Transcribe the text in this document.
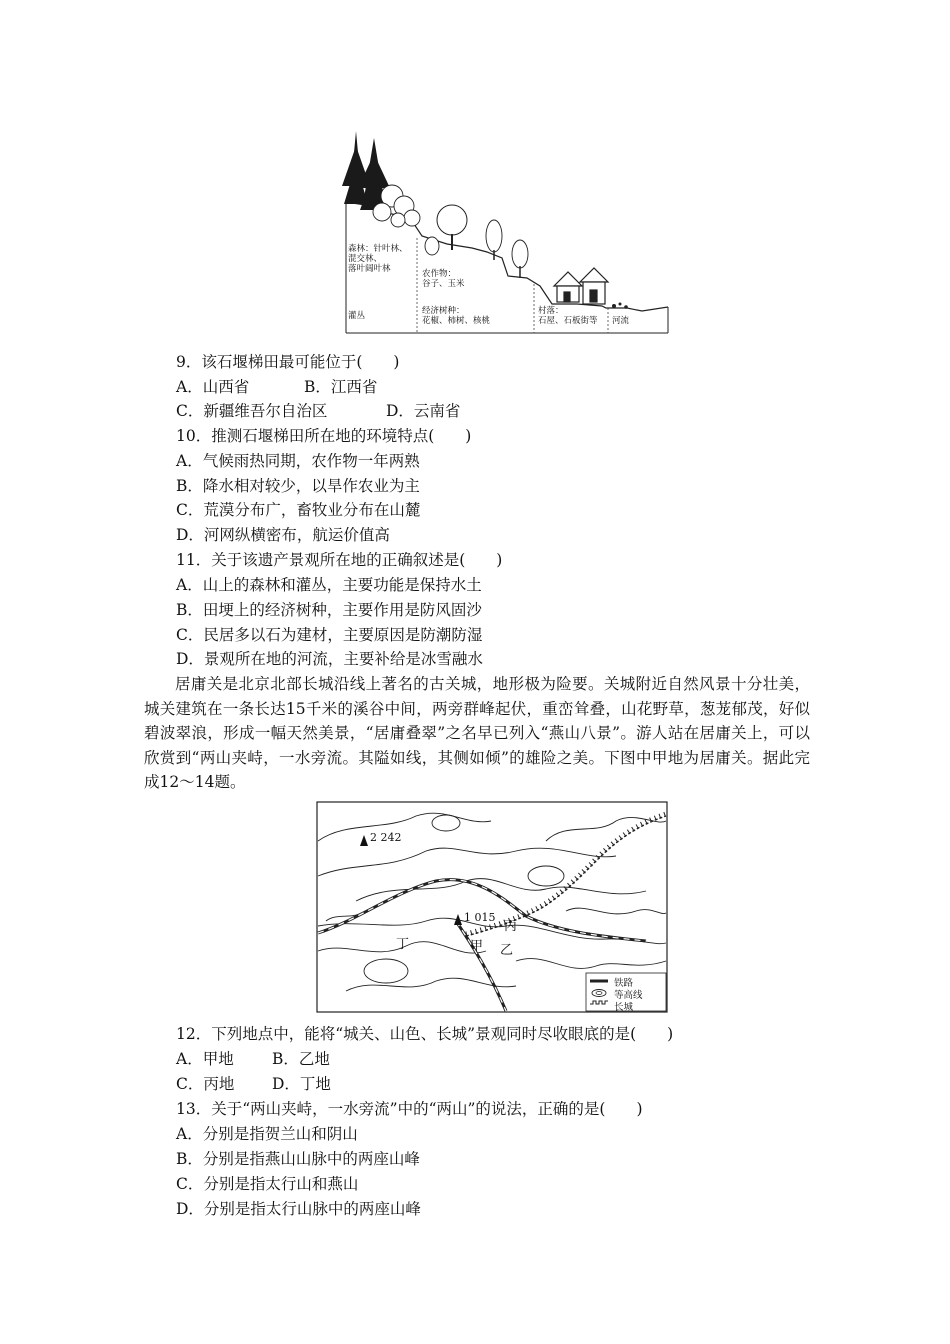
森林：针叶林、
混交林、
落叶阔叶林
灌丛
农作物：
谷子、玉米
经济树种：
花椒、柿树、核桃
村落：
石屋、石板街等 河流
9．该石堰梯田最可能位于(　　)
A．山西省	B．江西省
C．新疆维吾尔自治区	D．云南省
10．推测石堰梯田所在地的环境特点(　　)
A．气候雨热同期，农作物一年两熟
B．降水相对较少，以旱作农业为主
C．荒漠分布广，畜牧业分布在山麓
D．河网纵横密布，航运价值高
11．关于该遗产景观所在地的正确叙述是(　　)
A．山上的森林和灌丛，主要功能是保持水土
B．田埂上的经济树种，主要作用是防风固沙
C．民居多以石为建材，主要原因是防潮防湿
D．景观所在地的河流，主要补给是冰雪融水
居庸关是北京北部长城沿线上著名的古关城，地形极为险要。关城附近自然风景十分壮美，城关建筑在一条长达15千米的溪谷中间，两旁群峰起伏，重峦耸叠，山花野草，葱茏郁茂，好似碧波翠浪，形成一幅天然美景，“居庸叠翠”之名早已列入“燕山八景”。游人站在居庸关上，可以欣赏到“两山夹峙，一水旁流。其隘如线，其侧如倾”的雄险之美。下图中甲地为居庸关。据此完成12～14题。
2 242
1 015
丁	甲 乙
丙
铁路
等高线
长城
12．下列地点中，能将“城关、山色、长城”景观同时尽收眼底的是(　　)
A．甲地 B．乙地
C．丙地 D．丁地
13．关于“两山夹峙，一水旁流”中的“两山”的说法，正确的是(　　)
A．分别是指贺兰山和阴山
B．分别是指燕山山脉中的两座山峰
C．分别是指太行山和燕山
D．分别是指太行山脉中的两座山峰
